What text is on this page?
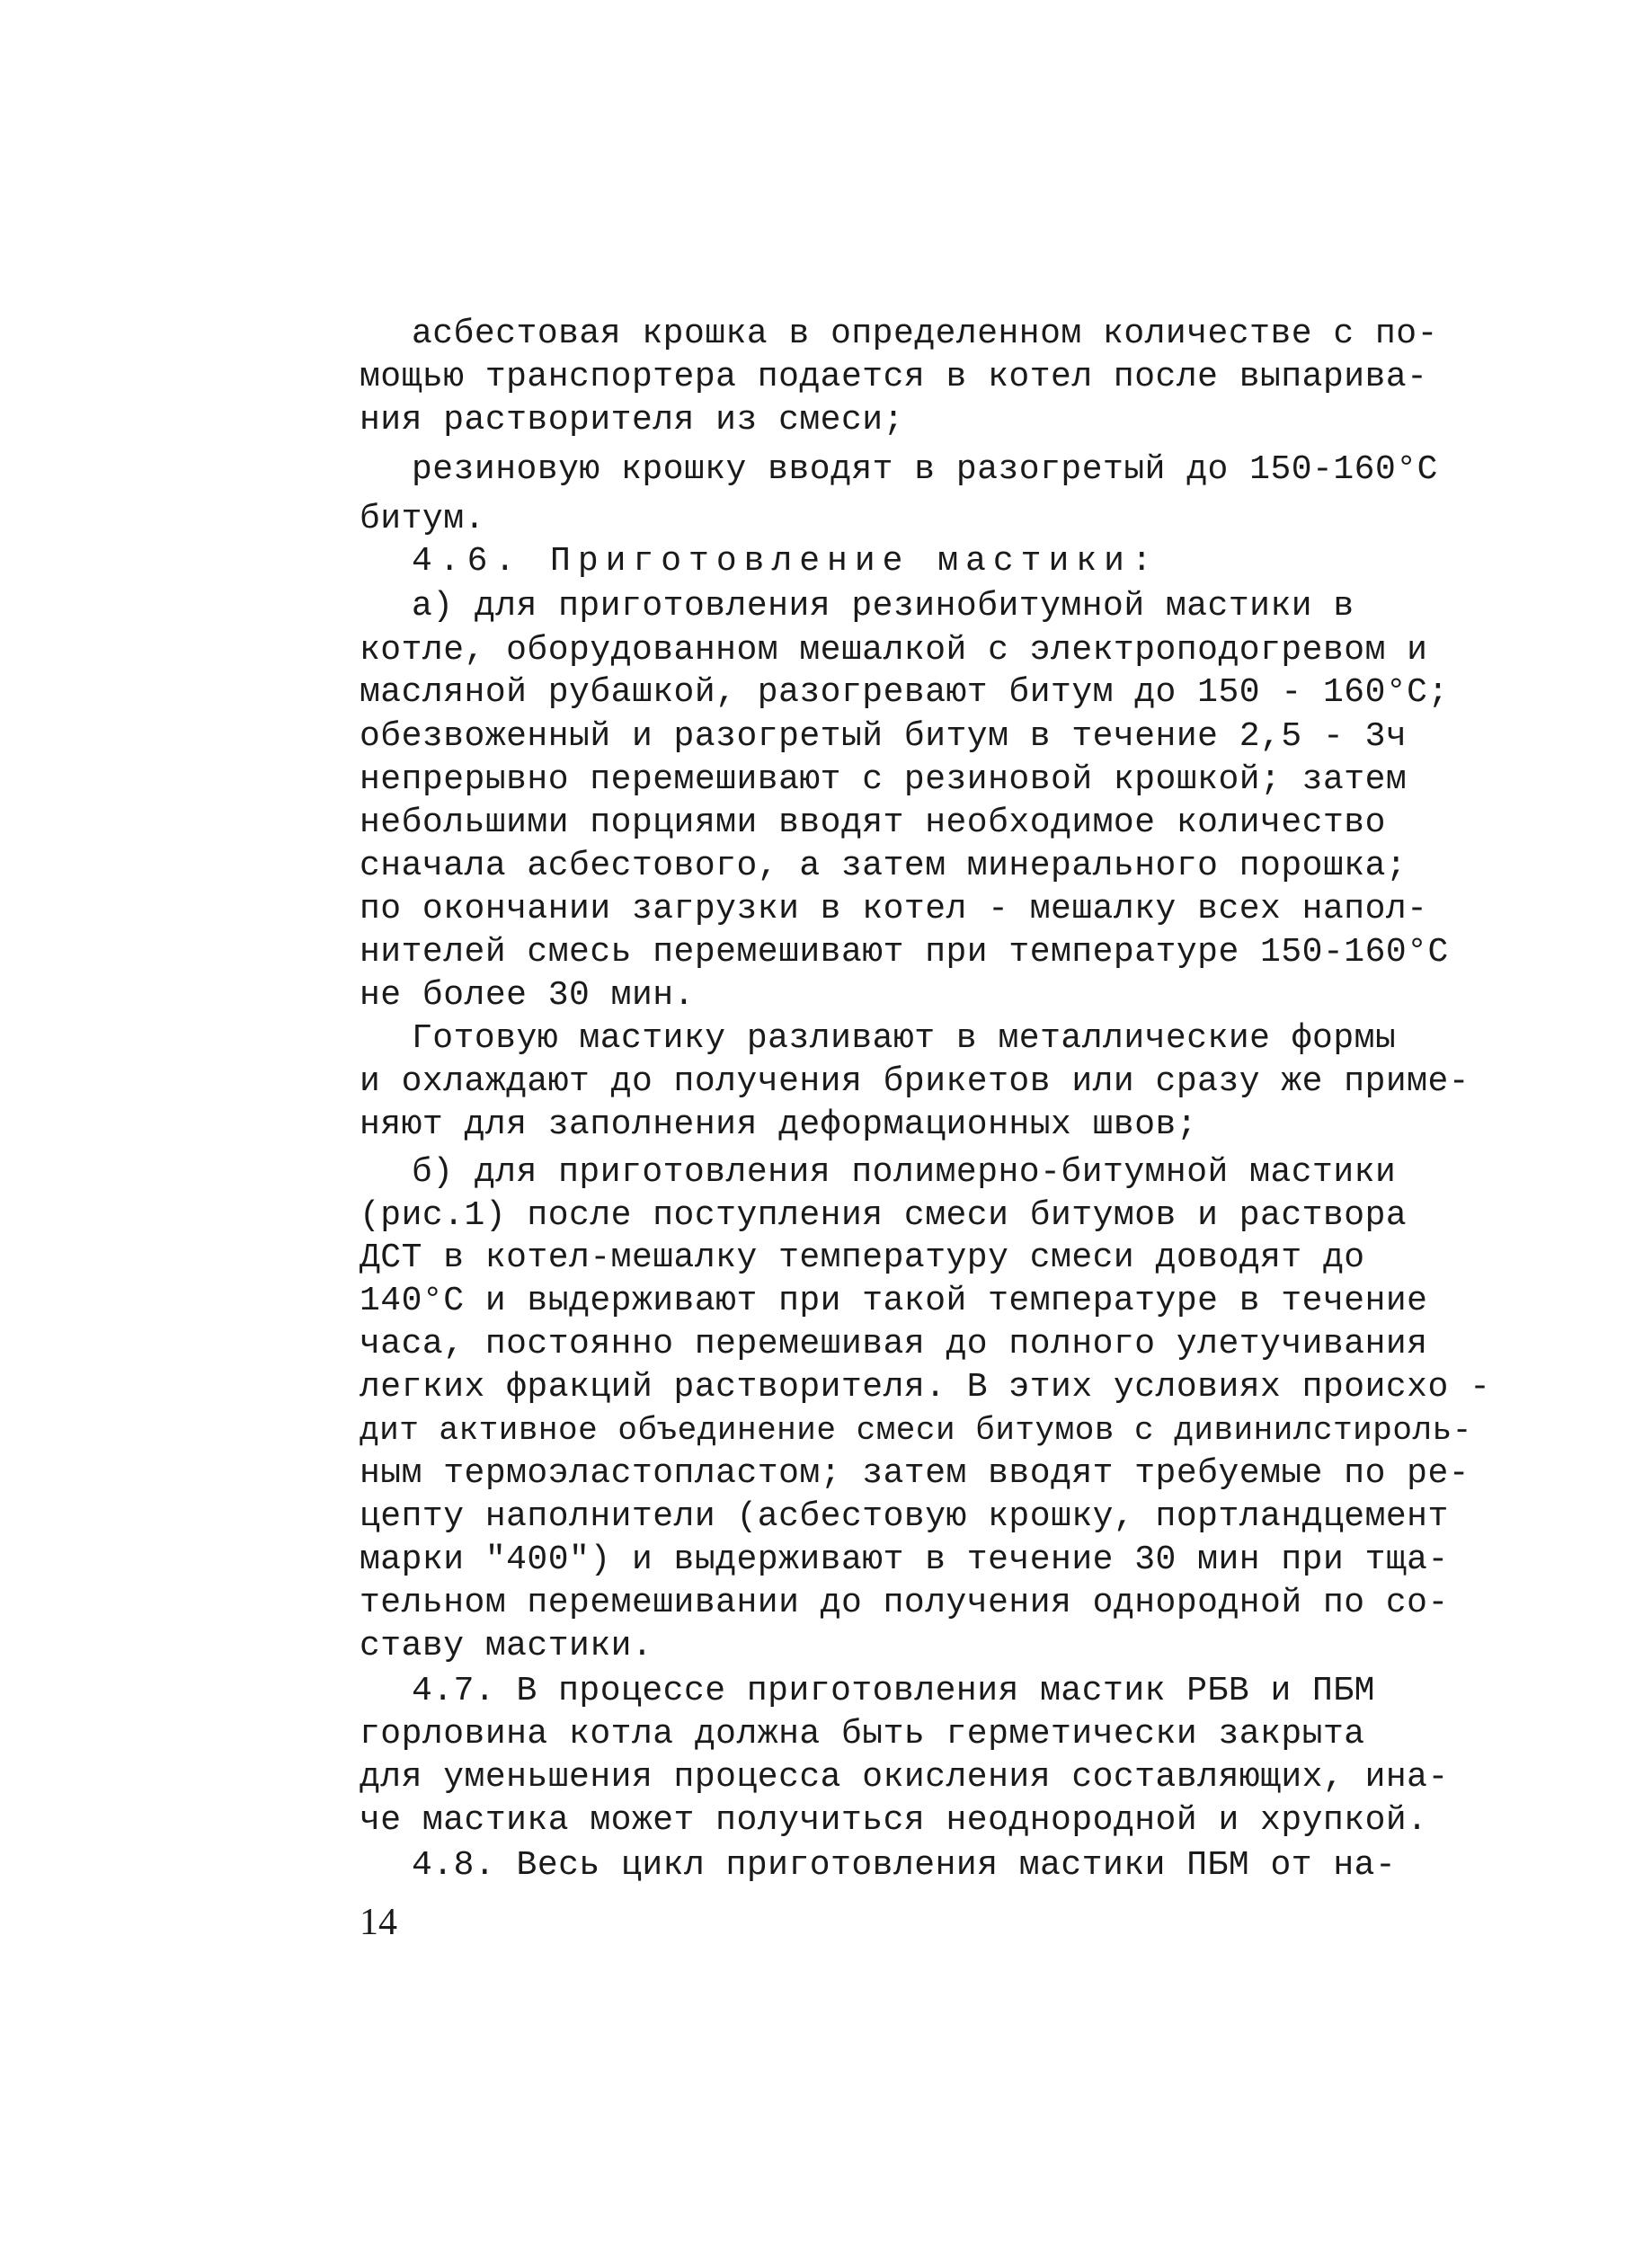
асбестовая крошка в определенном количестве с по-
мощью транспортера подается в котел после выпарива-
ния растворителя из смеси;
резиновую крошку вводят в разогретый до 150-160°С
битум.
4.6. Приготовление мастики:
а) для приготовления резинобитумной мастики в
котле, оборудованном мешалкой с электроподогревом и
масляной рубашкой, разогревают битум до 150 - 160°С;
обезвоженный и разогретый битум в течение 2,5 - 3ч
непрерывно перемешивают с резиновой крошкой; затем
небольшими порциями вводят необходимое количество
сначала асбестового, а затем минерального порошка;
по окончании загрузки в котел - мешалку всех напол-
нителей смесь перемешивают при температуре 150-160°С
не более 30 мин.
Готовую мастику разливают в металлические формы
и охлаждают до получения брикетов или сразу же приме-
няют для заполнения деформационных швов;
б) для приготовления полимерно-битумной мастики
(рис.1) после поступления смеси битумов и раствора
ДСТ в котел-мешалку температуру смеси доводят до
140°С и выдерживают при такой температуре в течение
часа, постоянно перемешивая до полного улетучивания
легких фракций растворителя. В этих условиях происхо -
дит активное объединение смеси битумов с дивинилстироль-
ным термоэластопластом; затем вводят требуемые по ре-
цепту наполнители (асбестовую крошку, портландцемент
марки "400") и выдерживают в течение 30 мин при тща-
тельном перемешивании до получения однородной по со-
ставу мастики.
4.7. В процессе приготовления мастик РБВ и ПБМ
горловина котла должна быть герметически закрыта
для уменьшения процесса окисления составляющих, ина-
че мастика может получиться неоднородной и хрупкой.
4.8. Весь цикл приготовления мастики ПБМ от на-
14
